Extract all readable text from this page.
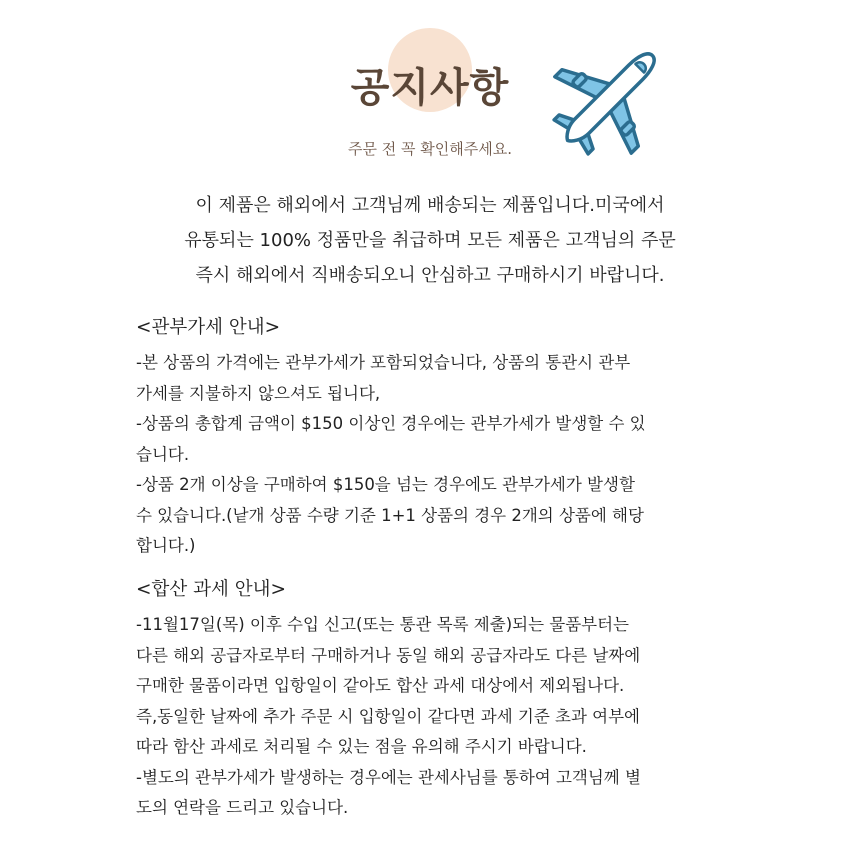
공지사항
주문 전 꼭 확인해주세요.

이 제품은 해외에서 고객님께 배송되는 제품입니다.미국에서

유통되는 100% 정품만을 취급하며 모든 제품은 고객님의 주문

즉시 해외에서 직배송되오니 안심하고 구매하시기 바랍니다.

<관부가세 안내>

-본 상품의 가격에는 관부가세가 포함되었습니다, 상품의 통관시 관부

가세를 지불하지 않으셔도 됩니다,

-상품의 총합계 금액이 $150 이상인 경우에는 관부가세가 발생할 수 있

습니다.

-상품 2개 이상을 구매하여 $150을 넘는 경우에도 관부가세가 발생할

수 있습니다.(낱개 상품 수량 기준 1+1 상품의 경우 2개의 상품에 해당

합니다.)

<합산 과세 안내>

-11월17일(목) 이후 수입 신고(또는 통관 목록 제출)되는 물품부터는

다른 해외 공급자로부터 구매하거나 동일 해외 공급자라도 다른 날짜에

구매한 물품이라면 입항일이 같아도 합산 과세 대상에서 제외됩나다.

즉,동일한 날짜에 추가 주문 시 입항일이 같다면 과세 기준 초과 여부에

따라 함산 과세로 처리될 수 있는 점을 유의해 주시기 바랍니다.

-별도의 관부가세가 발생하는 경우에는 관세사님를 통하여 고객님께 별

도의 연락을 드리고 있습니다.
